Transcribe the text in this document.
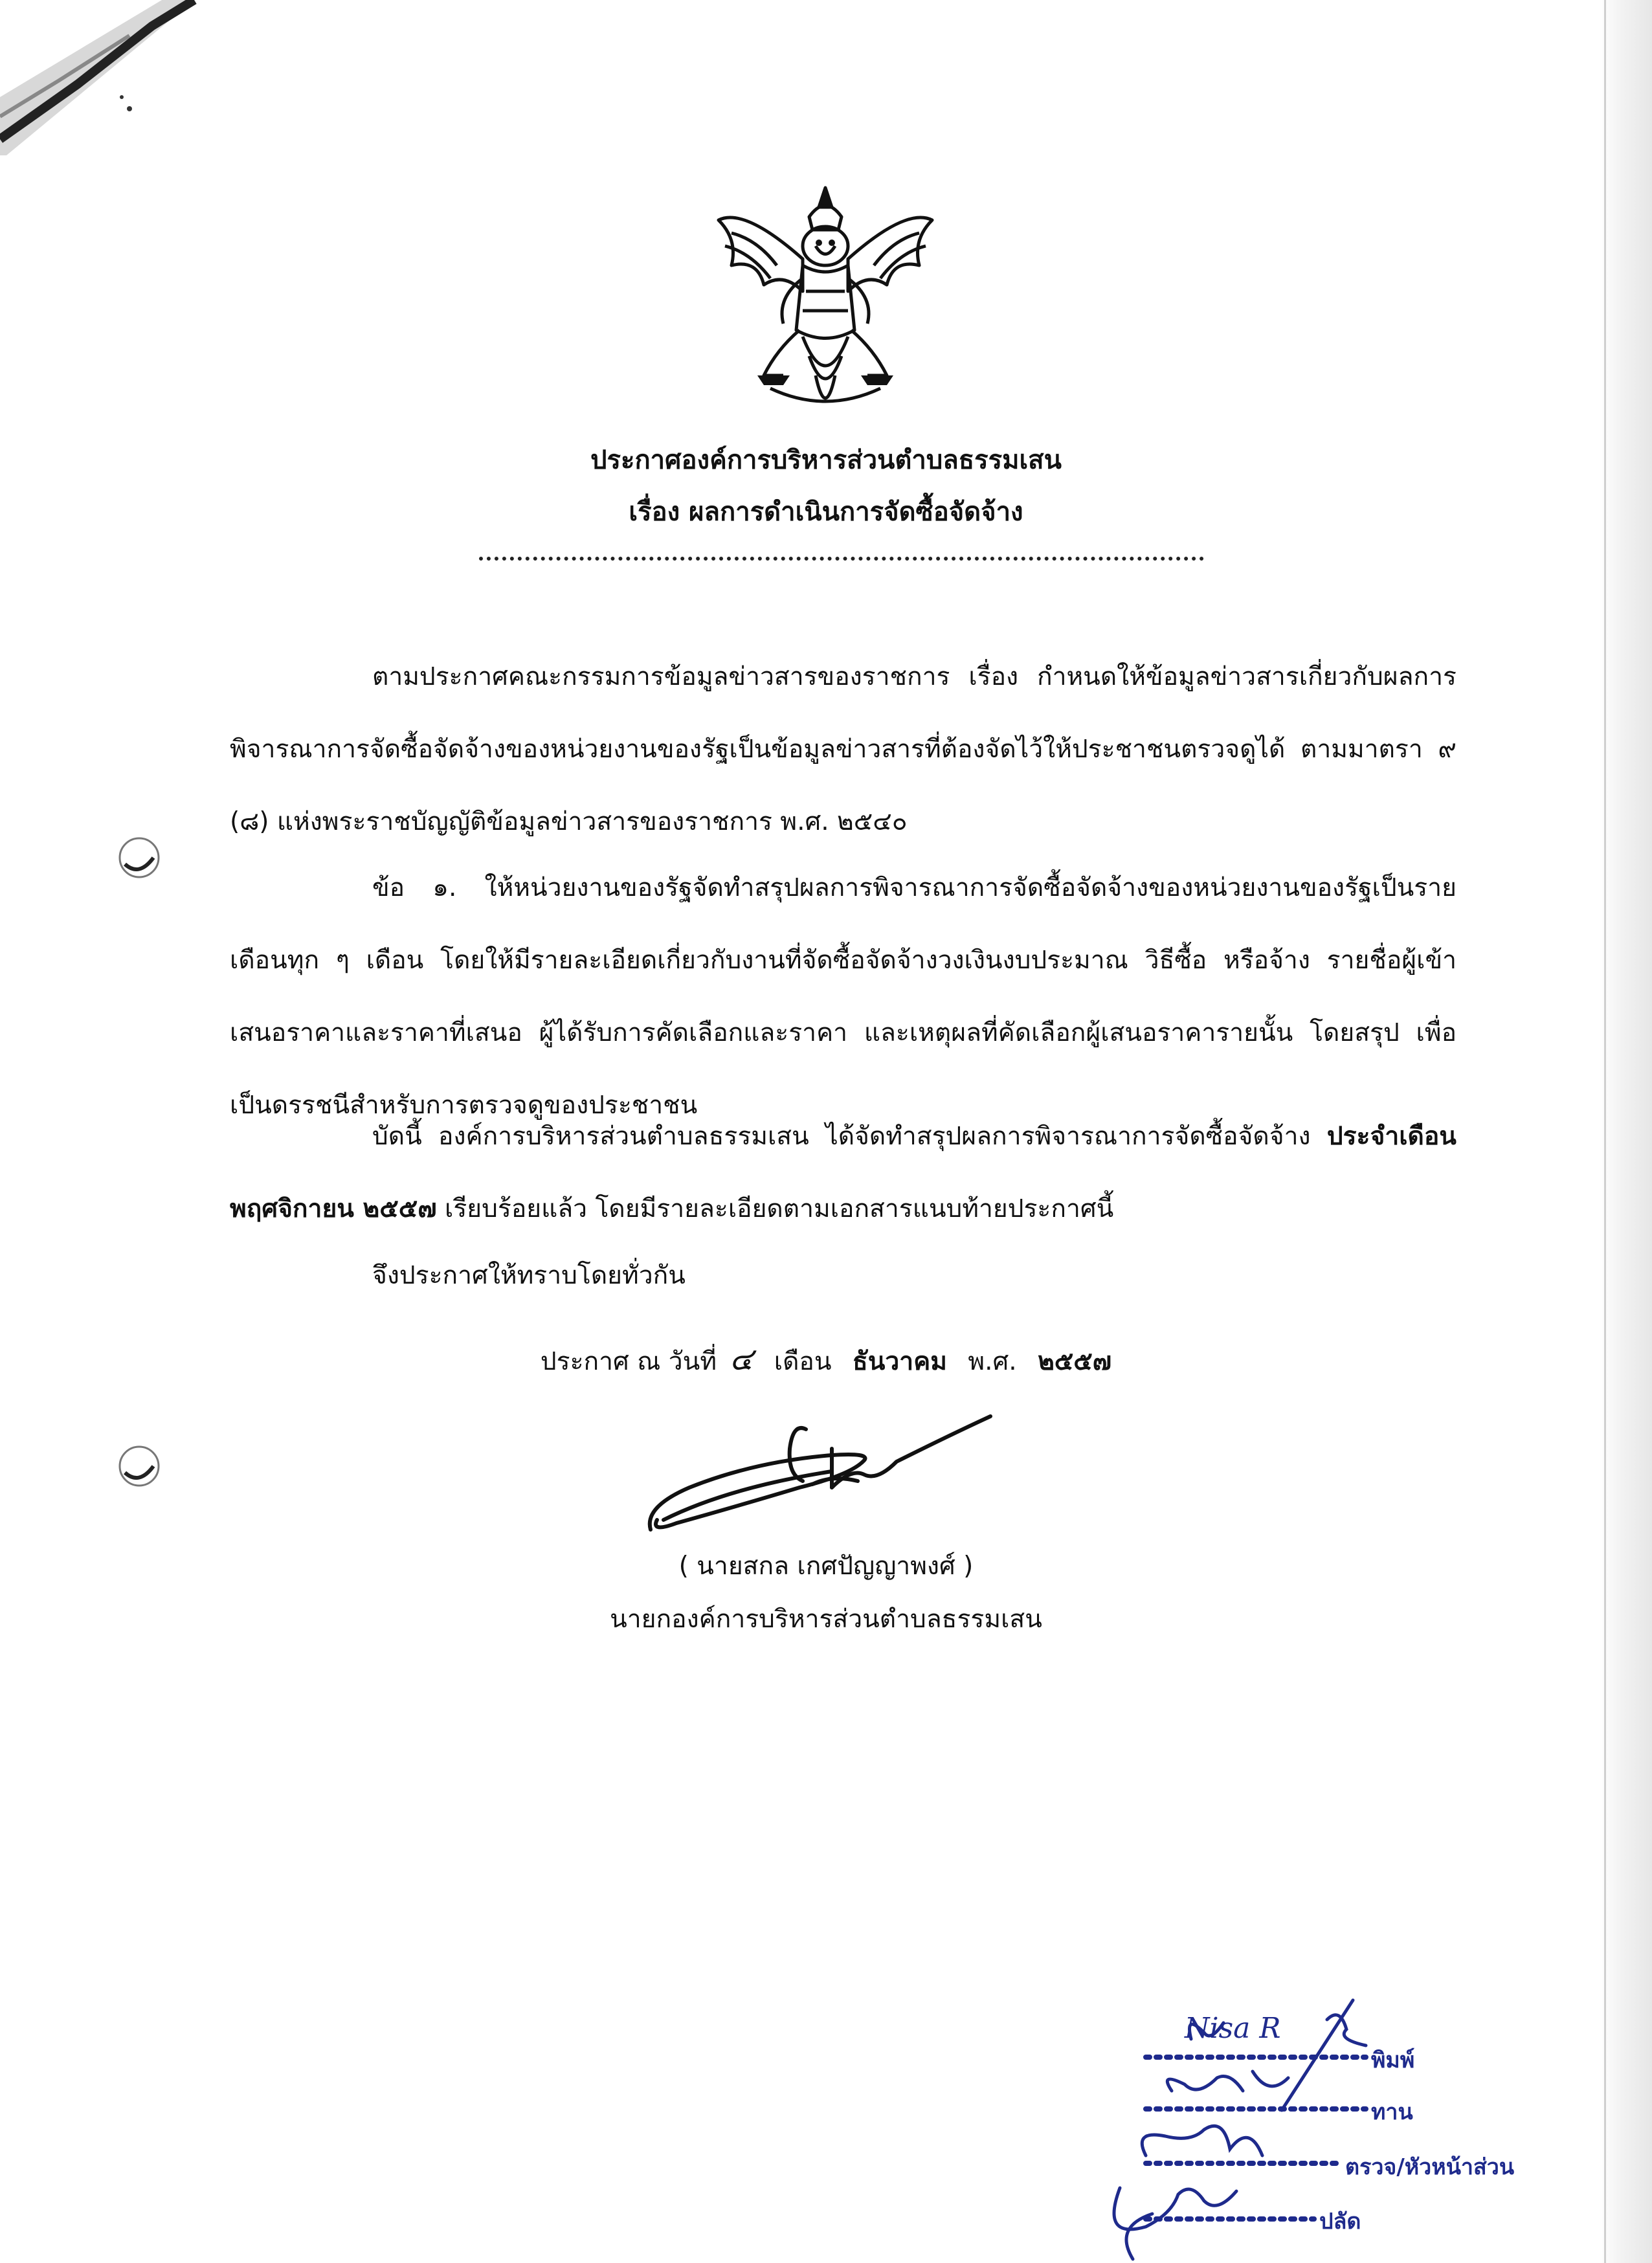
ประกาศองค์การบริหารส่วนตำบลธรรมเสน
เรื่อง ผลการดำเนินการจัดซื้อจัดจ้าง
ตามประกาศคณะกรรมการข้อมูลข่าวสารของราชการ เรื่อง กำหนดให้ข้อมูลข่าวสารเกี่ยวกับผลการพิจารณาการจัดซื้อจัดจ้างของหน่วยงานของรัฐเป็นข้อมูลข่าวสารที่ต้องจัดไว้ให้ประชาชนตรวจดูได้ ตามมาตรา ๙ (๘) แห่งพระราชบัญญัติข้อมูลข่าวสารของราชการ พ.ศ. ๒๕๔๐
ข้อ ๑. ให้หน่วยงานของรัฐจัดทำสรุปผลการพิจารณาการจัดซื้อจัดจ้างของหน่วยงานของรัฐเป็นรายเดือนทุก ๆ เดือน โดยให้มีรายละเอียดเกี่ยวกับงานที่จัดซื้อจัดจ้างวงเงินงบประมาณ วิธีซื้อ หรือจ้าง รายชื่อผู้เข้าเสนอราคาและราคาที่เสนอ ผู้ได้รับการคัดเลือกและราคา และเหตุผลที่คัดเลือกผู้เสนอราคารายนั้น โดยสรุป เพื่อเป็นดรรชนีสำหรับการตรวจดูของประชาชน
บัดนี้ องค์การบริหารส่วนตำบลธรรมเสน ได้จัดทำสรุปผลการพิจารณาการจัดซื้อจัดจ้าง ประจำเดือน พฤศจิกายน ๒๕๕๗ เรียบร้อยแล้ว โดยมีรายละเอียดตามเอกสารแนบท้ายประกาศนี้
จึงประกาศให้ทราบโดยทั่วกัน
ประกาศ ณ วันที่ ๔ เดือน ธันวาคม พ.ศ. ๒๕๕๗
( นายสกล เกศปัญญาพงศ์ )
นายกองค์การบริหารส่วนตำบลธรรมเสน
Nisa R
พิมพ์
ทาน
ตรวจ/หัวหน้าส่วน
ปลัด
